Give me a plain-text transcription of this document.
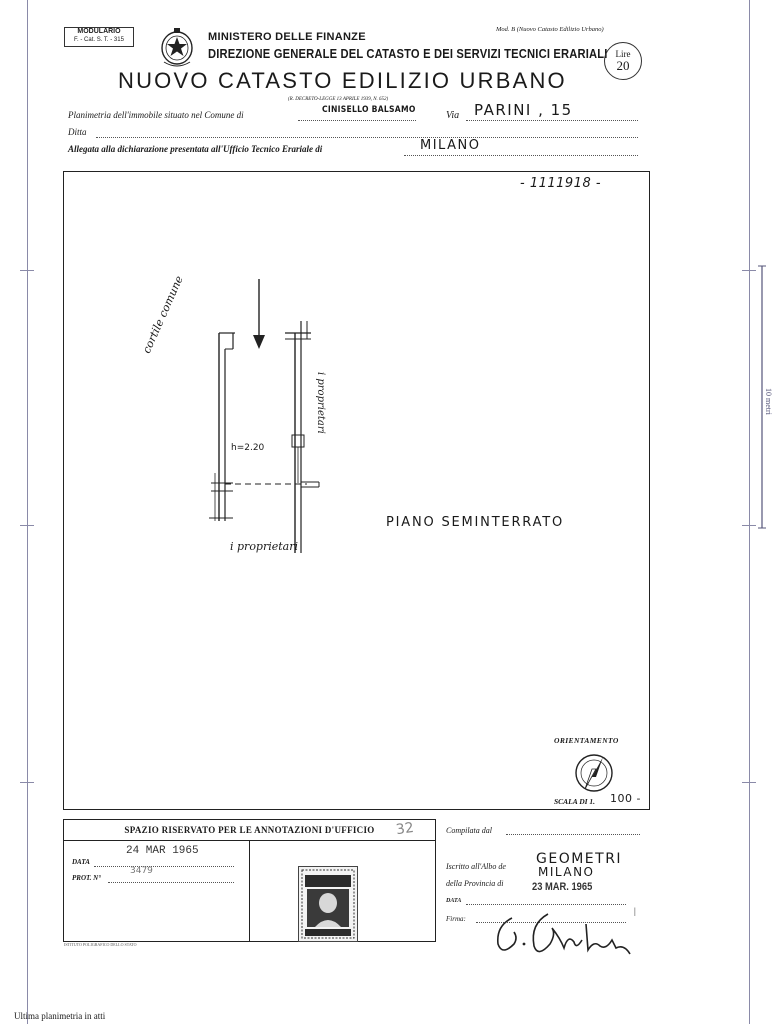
10 metri
MODULARIO
F. - Cat. S. T. - 315	MINISTERO DELLE FINANZE
DIREZIONE GENERALE DEL CATASTO E DEI SERVIZI TECNICI ERARIALI
NUOVO CATASTO EDILIZIO URBANO
(R. DECRETO-LEGGE 13 APRILE 1939, N. 652)
Mod. B (Nuovo Catasto Edilizio Urbano)
Lire
20
Planimetria dell'immobile situato nel Comune di	CINISELLO BALSAMO	Via PARINI , 15
Ditta
Allegata alla dichiarazione presentata all'Ufficio Tecnico Erariale di	MILANO
- 1111918 -
cortile comune
i proprietari
i proprietari
h=2.20
PIANO SEMINTERRATO
ORIENTAMENTO
SCALA DI 1. 100 -
SPAZIO RISERVATO PER LE ANNOTAZIONI D'UFFICIO	32
DATA
24 MAR 1965
PROT. N°
3479
ISTITUTO POLIGRAFICO DELLO STATO
Compilata dal
Iscritto all'Albo de GEOMETRI
della Provincia di
MILANO
23 MAR. 1965
DATA
Firma:
|
Ultima planimetria in atti
